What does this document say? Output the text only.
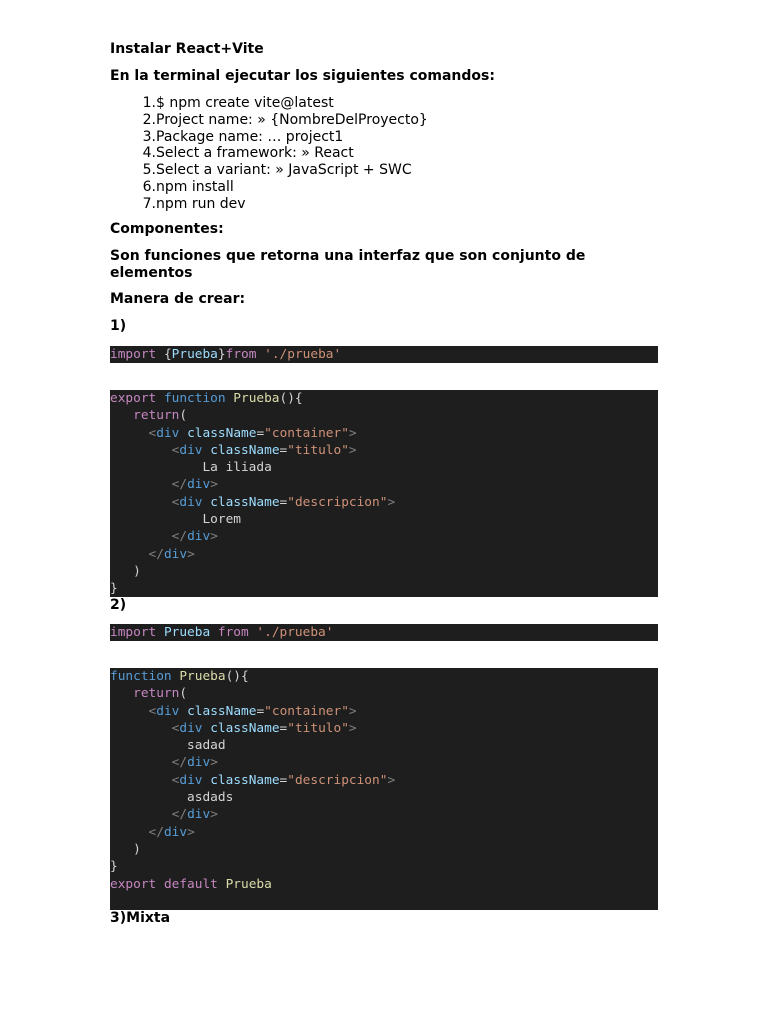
Instalar React+Vite

En la terminal ejecutar los siguientes comandos:

1. $ npm create vite@latest
2. Project name: » {NombreDelProyecto}
3. Package name: … project1
4. Select a framework: » React
5. Select a variant: » JavaScript + SWC
6. npm install
7. npm run dev

Componentes:

Son funciones que retorna una interfaz que son conjunto de elementos

Manera de crear:

1)

import {Prueba}from './prueba'
export function Prueba(){
return(
<div className="container">
<div className="titulo">
La iliada
</div>
<div className="descripcion">
Lorem
</div>
</div>
)
}

2)

import Prueba from './prueba'
function Prueba(){
return(
<div className="container">
<div className="titulo">
sadad
</div>
<div className="descripcion">
asdads
</div>
</div>
)
}
export default Prueba

3)Mixta
